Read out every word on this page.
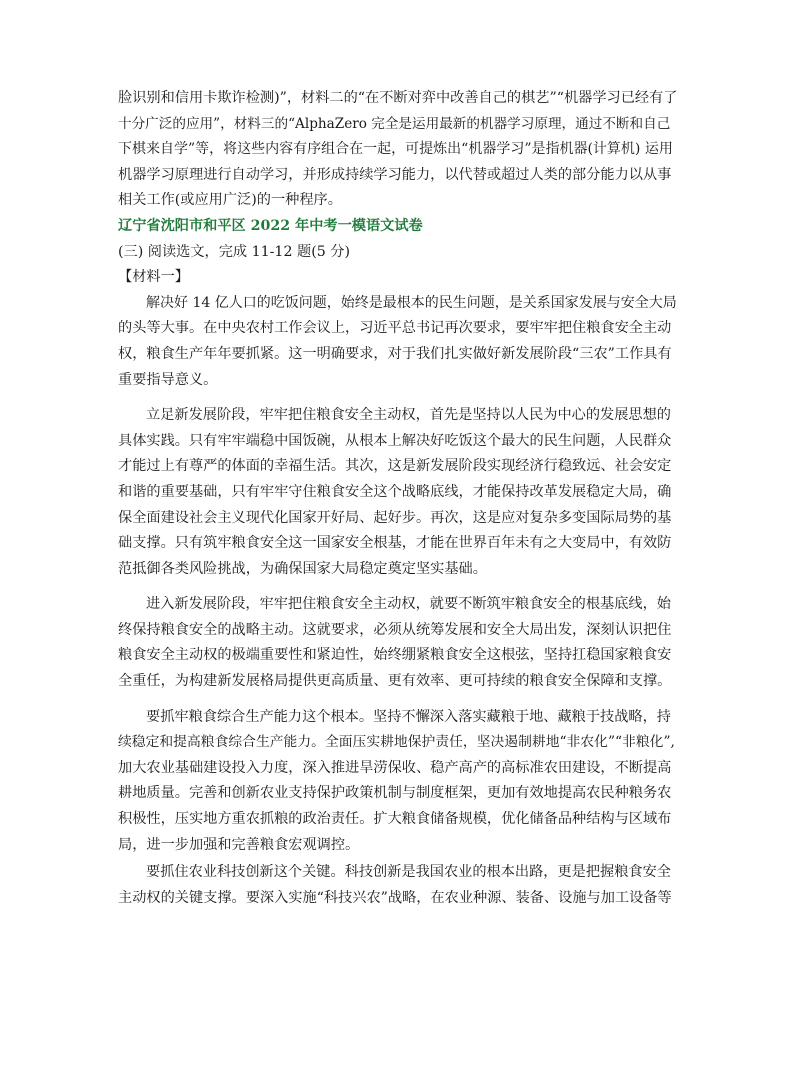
脸识别和信用卡欺诈检测)”，材料二的“在不断对弈中改善自己的棋艺”“机器学习已经有了

十分广泛的应用”，材料三的“AlphaZero 完全是运用最新的机器学习原理，通过不断和自己

下棋来自学”等，将这些内容有序组合在一起，可提炼出“机器学习”是指机器(计算机) 运用

机器学习原理进行自动学习，并形成持续学习能力，以代替或超过人类的部分能力以从事

相关工作(或应用广泛)的一种程序。

辽宁省沈阳市和平区 2022 年中考一模语文试卷

(三) 阅读选文，完成 11-12 题(5 分)

【材料一】

解决好 14 亿人口的吃饭问题，始终是最根本的民生问题，是关系国家发展与安全大局

的头等大事。在中央农村工作会议上，习近平总书记再次要求，要牢牢把住粮食安全主动

权，粮食生产年年要抓紧。这一明确要求，对于我们扎实做好新发展阶段“三农”工作具有

重要指导意义。

立足新发展阶段，牢牢把住粮食安全主动权，首先是坚持以人民为中心的发展思想的

具体实践。只有牢牢端稳中国饭碗，从根本上解决好吃饭这个最大的民生问题，人民群众

才能过上有尊严的体面的幸福生活。其次，这是新发展阶段实现经济行稳致远、社会安定

和谐的重要基础，只有牢牢守住粮食安全这个战略底线，才能保持改革发展稳定大局，确

保全面建设社会主义现代化国家开好局、起好步。再次，这是应对复杂多变国际局势的基

础支撑。只有筑牢粮食安全这一国家安全根基，才能在世界百年未有之大变局中，有效防

范抵御各类风险挑战，为确保国家大局稳定奠定坚实基础。

进入新发展阶段，牢牢把住粮食安全主动权，就要不断筑牢粮食安全的根基底线，始

终保持粮食安全的战略主动。这就要求，必须从统筹发展和安全大局出发，深刻认识把住

粮食安全主动权的极端重要性和紧迫性，始终绷紧粮食安全这根弦，坚持扛稳国家粮食安

全重任，为构建新发展格局提供更高质量、更有效率、更可持续的粮食安全保障和支撑。

要抓牢粮食综合生产能力这个根本。坚持不懈深入落实藏粮于地、藏粮于技战略，持

续稳定和提高粮食综合生产能力。全面压实耕地保护责任，坚决遏制耕地“非农化”“非粮化”,

加大农业基础建设投入力度，深入推进旱涝保收、稳产高产的高标准农田建设，不断提高

耕地质量。完善和创新农业支持保护政策机制与制度框架，更加有效地提高农民种粮务农

积极性，压实地方重农抓粮的政治责任。扩大粮食储备规模，优化储备品种结构与区域布

局，进一步加强和完善粮食宏观调控。

要抓住农业科技创新这个关键。科技创新是我国农业的根本出路，更是把握粮食安全

主动权的关键支撑。要深入实施“科技兴农”战略，在农业种源、装备、设施与加工设备等
